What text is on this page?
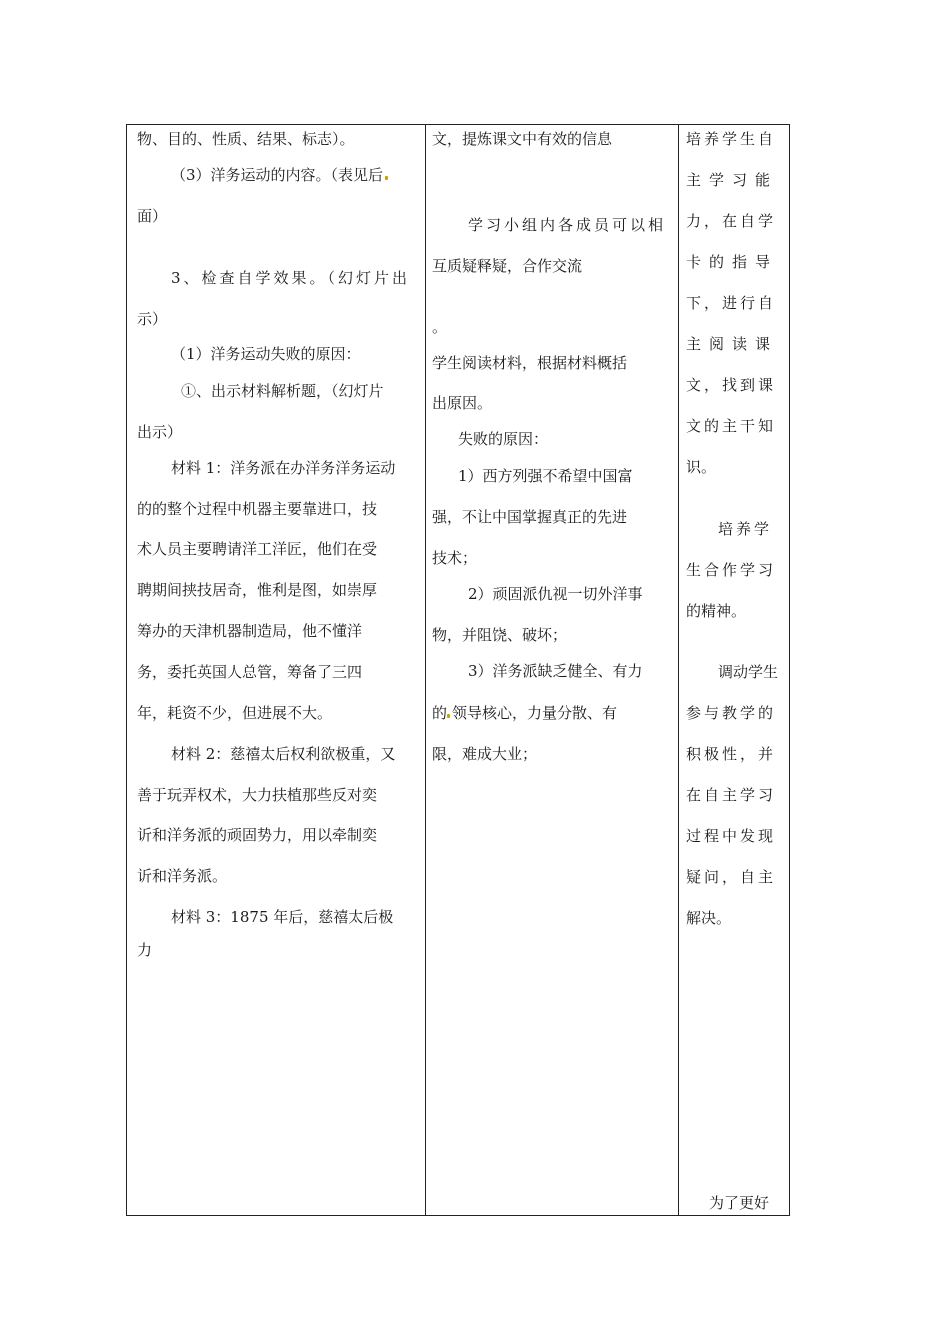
物、目的、性质、结果、标志）。
（3）洋务运动的内容。（表见后
面）
3、检查自学效果。（幻灯片出
示）
（1）洋务运动失败的原因：
①、出示材料解析题，（幻灯片
出示）
材料 1：洋务派在办洋务洋务运动
的的整个过程中机器主要靠进口，技
术人员主要聘请洋工洋匠，他们在受
聘期间挟技居奇，惟利是图，如崇厚
筹办的天津机器制造局，他不懂洋
务，委托英国人总管，筹备了三四
年，耗资不少，但进展不大。
材料 2：慈禧太后权利欲极重，又
善于玩弄权术，大力扶植那些反对奕
䜣和洋务派的顽固势力，用以牵制奕
䜣和洋务派。
材料 3：1875 年后，慈禧太后极
力
文，提炼课文中有效的信息
学习小组内各成员可以相
互质疑释疑，合作交流
。
学生阅读材料，根据材料概括
出原因。
失败的原因：
1）西方列强不希望中国富
强，不让中国掌握真正的先进
技术；
2）顽固派仇视一切外洋事
物，并阻饶、破坏；
3）洋务派缺乏健全、有力
的 领导核心，力量分散、有
限，难成大业；
培养学生自
主学习能
力，在自学
卡的指导
下，进行自
主阅读课
文，找到课
文的主干知
识。
培养学
生合作学习
的精神。
调动学生
参与教学的
积极性，并
在自主学习
过程中发现
疑问，自主
解决。
为了更好
